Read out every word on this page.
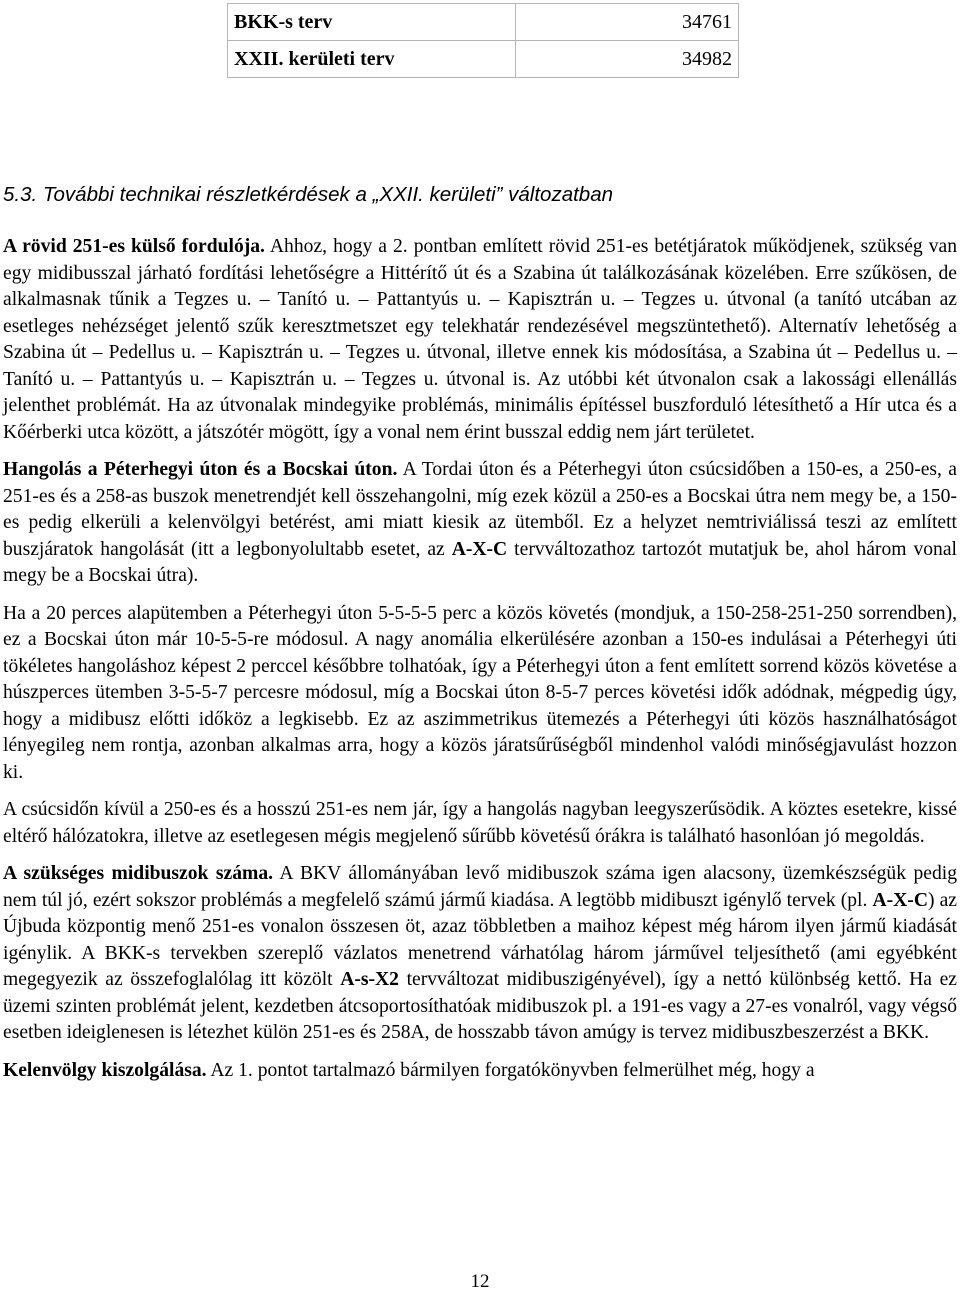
BKK-s terv	34761
XXII. kerületi terv	34982
5.3. További technikai részletkérdések a „XXII. kerületi” változatban

A rövid 251-es külső fordulója. Ahhoz, hogy a 2. pontban említett rövid 251-es betétjáratok működjenek, szükség van egy midibusszal járható fordítási lehetőségre a Hittérítő út és a Szabina út találkozásának közelében. Erre szűkösen, de alkalmasnak tűnik a Tegzes u. – Tanító u. – Pattantyús u. – Kapisztrán u. – Tegzes u. útvonal (a tanító utcában az esetleges nehézséget jelentő szűk keresztmetszet egy telekhatár rendezésével megszüntethető). Alternatív lehetőség a Szabina út – Pedellus u. – Kapisztrán u. – Tegzes u. útvonal, illetve ennek kis módosítása, a Szabina út – Pedellus u. – Tanító u. – Pattantyús u. – Kapisztrán u. – Tegzes u. útvonal is. Az utóbbi két útvonalon csak a lakossági ellenállás jelenthet problémát. Ha az útvonalak mindegyike problémás, minimális építéssel buszforduló létesíthető a Hír utca és a Kőérberki utca között, a játszótér mögött, így a vonal nem érint busszal eddig nem járt területet.

Hangolás a Péterhegyi úton és a Bocskai úton. A Tordai úton és a Péterhegyi úton csúcsidőben a 150-es, a 250-es, a 251-es és a 258-as buszok menetrendjét kell összehangolni, míg ezek közül a 250-es a Bocskai útra nem megy be, a 150-es pedig elkerüli a kelenvölgyi betérést, ami miatt kiesik az ütemből. Ez a helyzet nemtriviálissá teszi az említett buszjáratok hangolását (itt a legbonyolultabb esetet, az A-X-C tervváltozathoz tartozót mutatjuk be, ahol három vonal megy be a Bocskai útra).

Ha a 20 perces alapütemben a Péterhegyi úton 5-5-5-5 perc a közös követés (mondjuk, a 150-258-251-250 sorrendben), ez a Bocskai úton már 10-5-5-re módosul. A nagy anomália elkerülésére azonban a 150-es indulásai a Péterhegyi úti tökéletes hangoláshoz képest 2 perccel későbbre tolhatóak, így a Péterhegyi úton a fent említett sorrend közös követése a húszperces ütemben 3-5-5-7 percesre módosul, míg a Bocskai úton 8-5-7 perces követési idők adódnak, mégpedig úgy, hogy a midibusz előtti időköz a legkisebb. Ez az aszimmetrikus ütemezés a Péterhegyi úti közös használhatóságot lényegileg nem rontja, azonban alkalmas arra, hogy a közös járatsűrűségből mindenhol valódi minőségjavulást hozzon ki.

A csúcsidőn kívül a 250-es és a hosszú 251-es nem jár, így a hangolás nagyban leegyszerűsödik. A köztes esetekre, kissé eltérő hálózatokra, illetve az esetlegesen mégis megjelenő sűrűbb követésű órákra is található hasonlóan jó megoldás.

A szükséges midibuszok száma. A BKV állományában levő midibuszok száma igen alacsony, üzemkészségük pedig nem túl jó, ezért sokszor problémás a megfelelő számú jármű kiadása. A legtöbb midibuszt igénylő tervek (pl. A-X-C) az Újbuda központig menő 251-es vonalon összesen öt, azaz többletben a maihoz képest még három ilyen jármű kiadását igénylik. A BKK-s tervekben szereplő vázlatos menetrend várhatólag három járművel teljesíthető (ami egyébként megegyezik az összefoglalólag itt közölt A-s-X2 tervváltozat midibuszigényével), így a nettó különbség kettő. Ha ez üzemi szinten problémát jelent, kezdetben átcsoportosíthatóak midibuszok pl. a 191-es vagy a 27-es vonalról, vagy végső esetben ideiglenesen is létezhet külön 251-es és 258A, de hosszabb távon amúgy is tervez midibuszbeszerzést a BKK.

Kelenvölgy kiszolgálása. Az 1. pontot tartalmazó bármilyen forgatókönyvben felmerülhet még, hogy a

12
